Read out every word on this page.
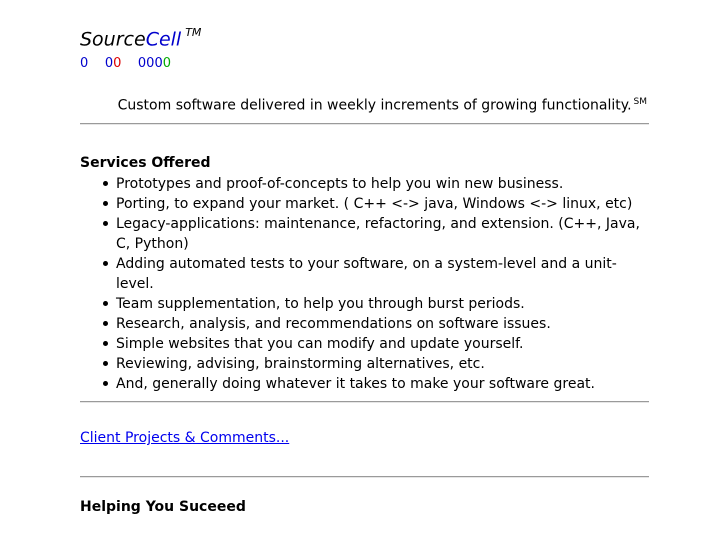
SourceCell ™
0 00 0000
Custom software delivered in weekly increments of growing functionality. ℠
Services Offered
Prototypes and proof-of-concepts to help you win new business.
Porting, to expand your market. ( C++ <-> java, Windows <-> linux, etc)
Legacy-applications: maintenance, refactoring, and extension. (C++, Java, C, Python)
Adding automated tests to your software, on a system-level and a unit-level.
Team supplementation, to help you through burst periods.
Research, analysis, and recommendations on software issues.
Simple websites that you can modify and update yourself.
Reviewing, advising, brainstorming alternatives, etc.
And, generally doing whatever it takes to make your software great.
Client Projects & Comments...
Helping You Suceeed
